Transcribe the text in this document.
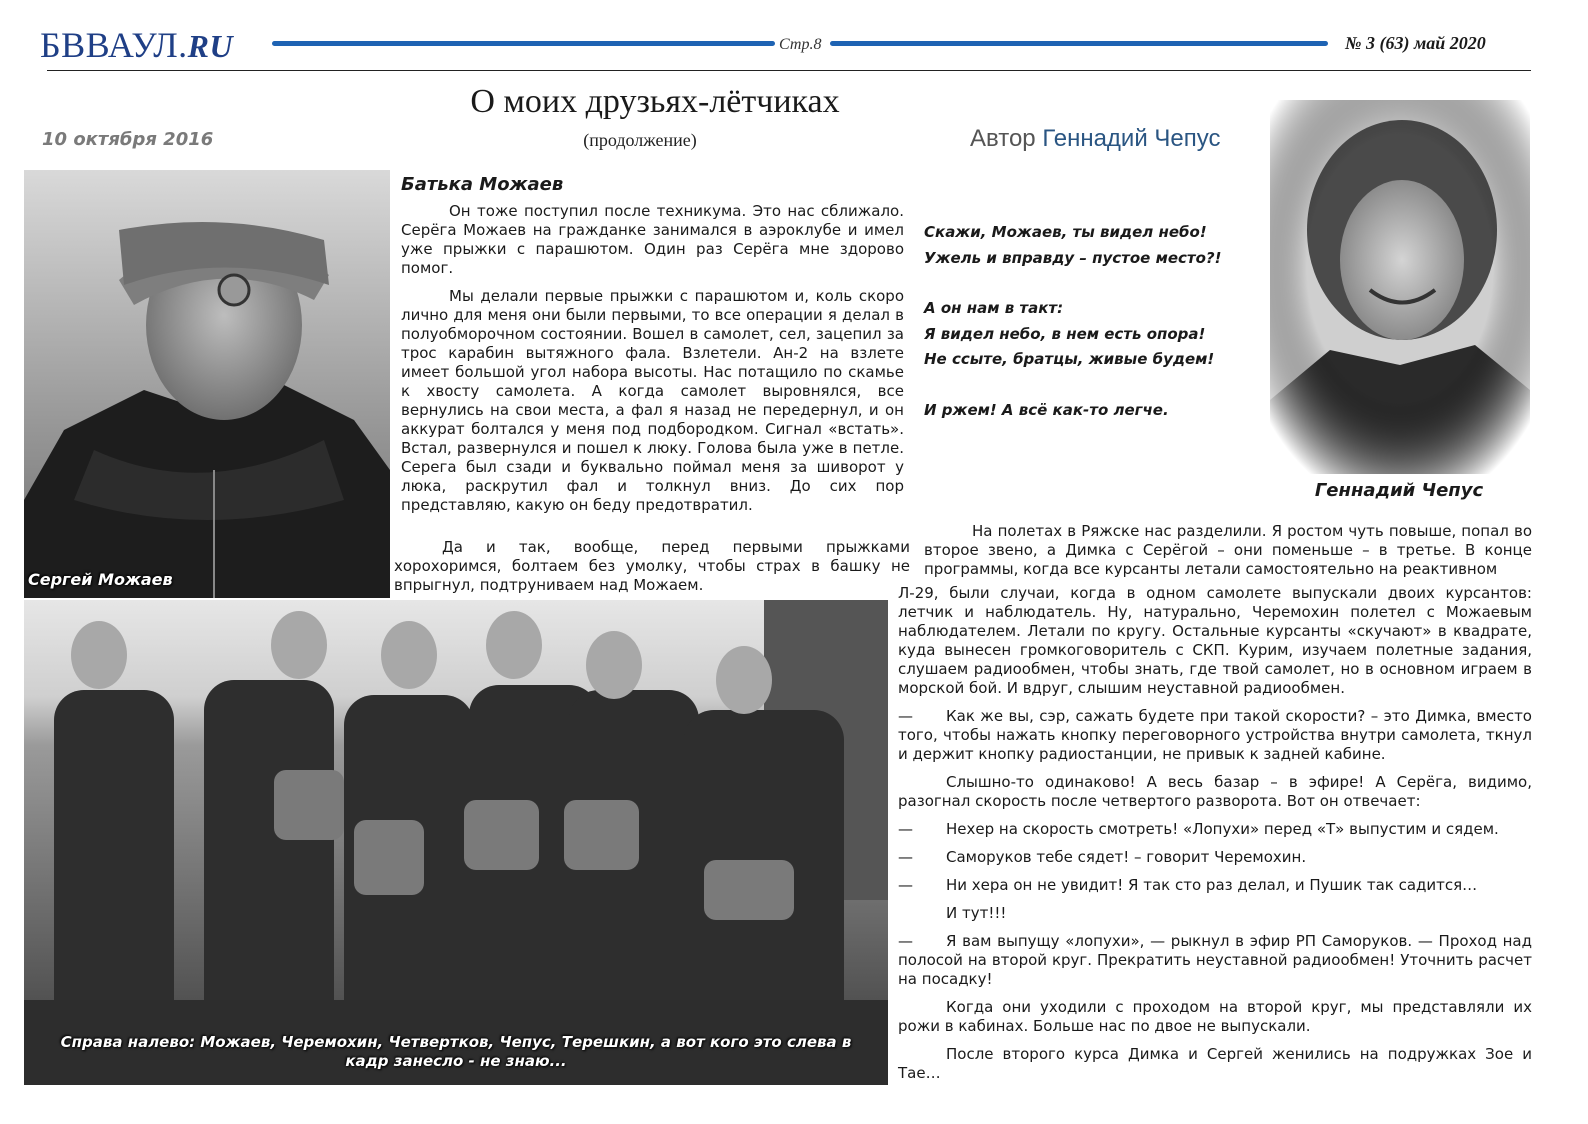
БВВАУЛ.RU	Стр.8	№ 3 (63) май 2020
О моих друзьях-лётчиках
10 октября 2016	(продолжение)	Автор Геннадий Чепус
Сергей Можаев
Геннадий Чепус
Справа налево: Можаев, Черемохин, Четвертков, Чепус, Терешкин, а вот кого это слева в
кадр занесло - не знаю...
Батька Можаев

Он тоже поступил после техникума. Это нас сближало. Серёга Можаев на гражданке занимался в аэроклубе и имел уже прыжки с парашютом. Один раз Серёга мне здорово помог.

Мы делали первые прыжки с парашютом и, коль скоро лично для меня они были первыми, то все операции я делал в полуобморочном состоянии. Вошел в самолет, сел, зацепил за трос карабин вытяжного фала. Взлетели. Ан-2 на взлете имеет большой угол набора высоты. Нас потащило по скамье к хвосту самолета. А когда самолет выровнялся, все вернулись на свои места, а фал я назад не передернул, и он аккурат болтался у меня под подбородком. Сигнал «встать». Встал, развернулся и пошел к люку. Голова была уже в петле. Серега был сзади и буквально поймал меня за шиворот у люка, раскрутил фал и толкнул вниз. До сих пор представляю, какую он беду предотвратил.

Да и так, вообще, перед первыми прыжками хорохоримся, болтаем без умолку, чтобы страх в башку не впрыгнул, подтруниваем над Можаем.

Скажи, Можаев, ты видел небо!
Ужель и вправду – пустое место?!
А он нам в такт:
Я видел небо, в нем есть опора!
Не ссыте, братцы, живые будем!
И ржем! А всё как-то легче.

На полетах в Ряжске нас разделили. Я ростом чуть повыше, попал во второе звено, а Димка с Серёгой – они поменьше – в третье. В конце программы, когда все курсанты летали самостоятельно на реактивном

Л-29, были случаи, когда в одном самолете выпускали двоих курсантов: летчик и наблюдатель. Ну, натурально, Черемохин полетел с Можаевым наблюдателем. Летали по кругу. Остальные курсанты «скучают» в квадрате, куда вынесен громкоговоритель с СКП. Курим, изучаем полетные задания, слушаем радиообмен, чтобы знать, где твой самолет, но в основном играем в морской бой. И вдруг, слышим неуставной радиообмен.

— Как же вы, сэр, сажать будете при такой скорости? – это Димка, вместо того, чтобы нажать кнопку переговорного устройства внутри самолета, ткнул и держит кнопку радиостанции, не привык к задней кабине.

Слышно-то одинаково! А весь базар – в эфире! А Серёга, видимо, разогнал скорость после четвертого разворота. Вот он отвечает:

— Нехер на скорость смотреть! «Лопухи» перед «Т» выпустим и сядем.

— Саморуков тебе сядет! – говорит Черемохин.

— Ни хера он не увидит! Я так сто раз делал, и Пушик так садится…

И тут!!!

— Я вам выпущу «лопухи», — рыкнул в эфир РП Саморуков. — Проход над полосой на второй круг. Прекратить неуставной радиообмен! Уточнить расчет на посадку!

Когда они уходили с проходом на второй круг, мы представляли их рожи в кабинах. Больше нас по двое не выпускали.

После второго курса Димка и Сергей женились на подружках Зое и Тае…
